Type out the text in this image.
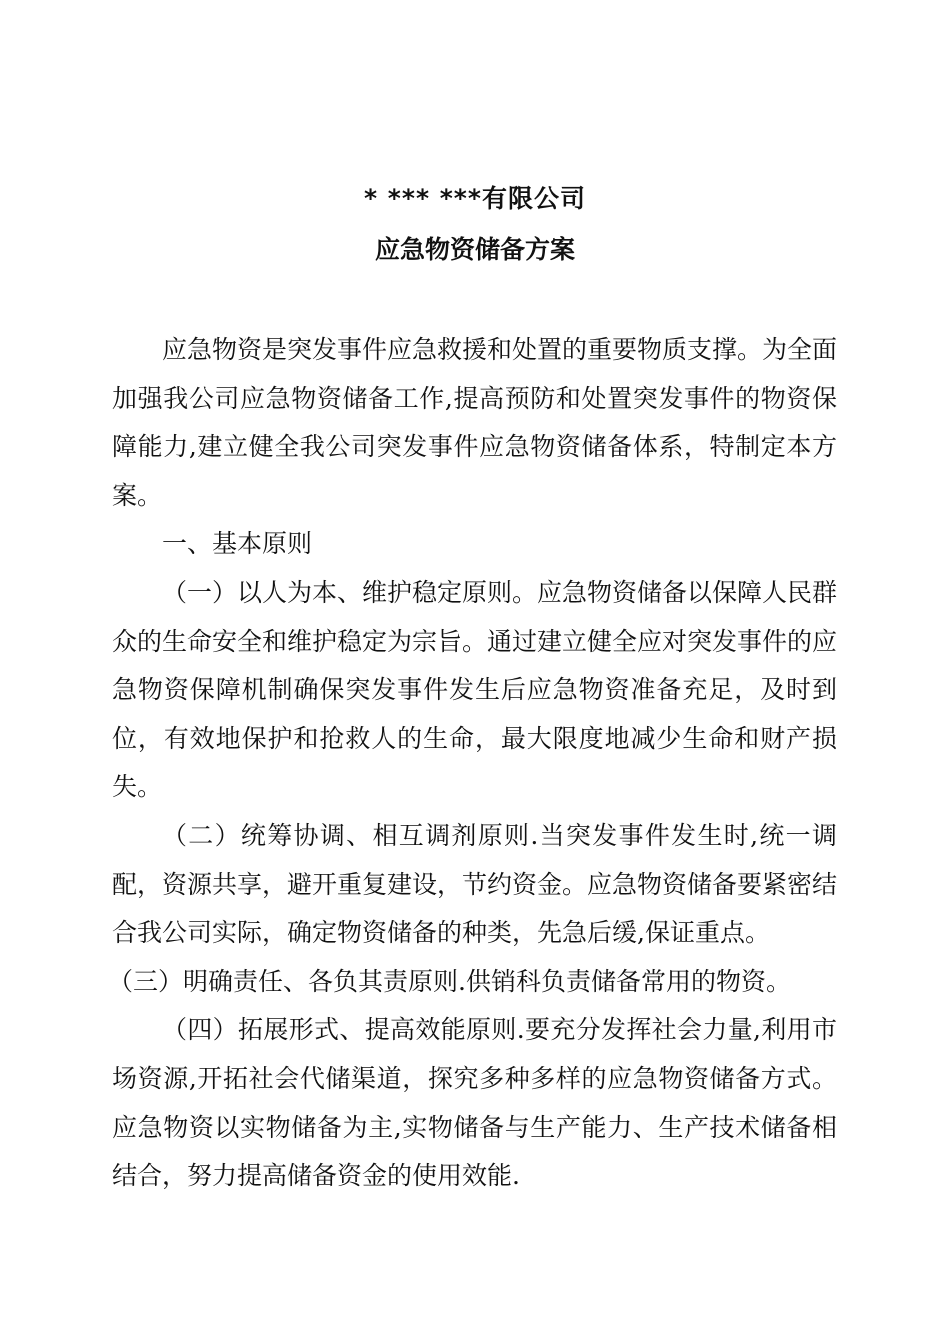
* *** ***有限公司
应急物资储备方案

应急物资是突发事件应急救援和处置的重要物质支撑。为全面加强我公司应急物资储备工作,提高预防和处置突发事件的物资保障能力,建立健全我公司突发事件应急物资储备体系，特制定本方案。

一、基本原则

（一）以人为本、维护稳定原则。应急物资储备以保障人民群众的生命安全和维护稳定为宗旨。通过建立健全应对突发事件的应急物资保障机制确保突发事件发生后应急物资准备充足，及时到位，有效地保护和抢救人的生命，最大限度地减少生命和财产损失。

（二）统筹协调、相互调剂原则.当突发事件发生时,统一调配，资源共享，避开重复建设，节约资金。应急物资储备要紧密结合我公司实际，确定物资储备的种类，先急后缓,保证重点。

（三）明确责任、各负其责原则.供销科负责储备常用的物资。

（四）拓展形式、提高效能原则.要充分发挥社会力量,利用市场资源,开拓社会代储渠道，探究多种多样的应急物资储备方式。应急物资以实物储备为主,实物储备与生产能力、生产技术储备相结合，努力提高储备资金的使用效能.
